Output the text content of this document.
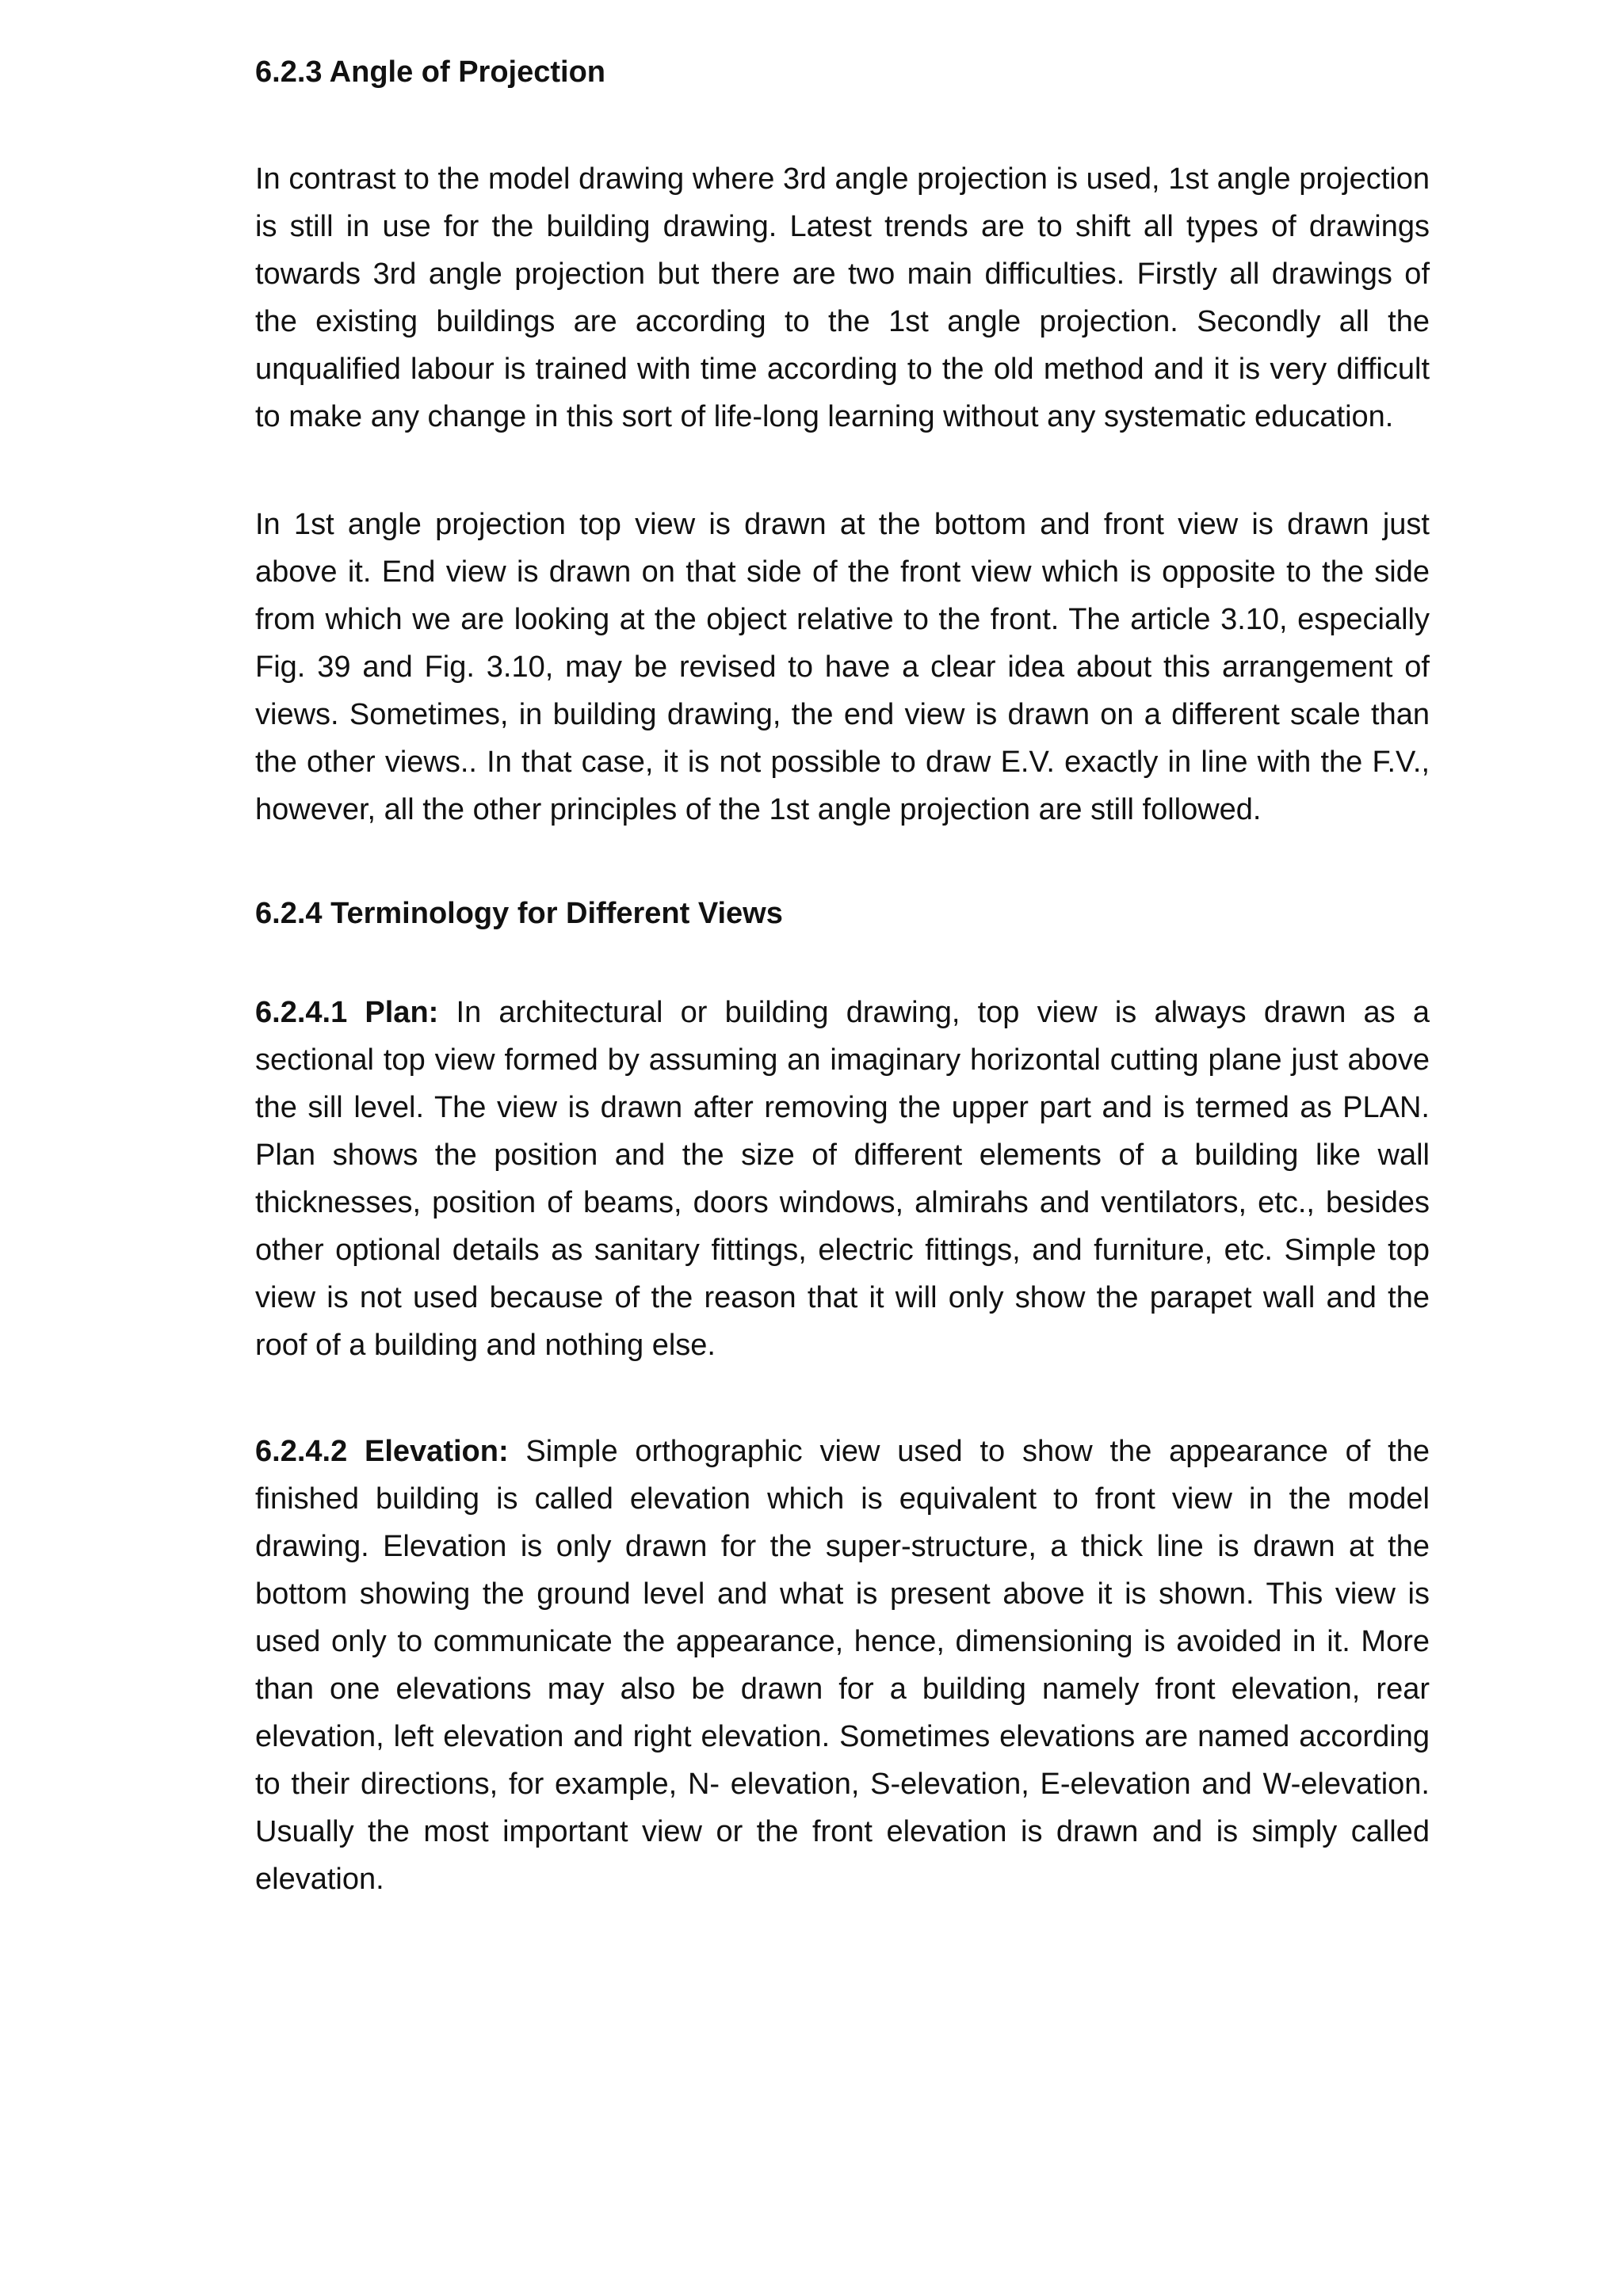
6.2.3 Angle of Projection

In contrast to the model drawing where 3rd angle projection is used, 1st angle projection is still in use for the building drawing. Latest trends are to shift all types of drawings towards 3rd angle projection but there are two main difficulties. Firstly all drawings of the existing buildings are according to the 1st angle projection. Secondly all the unqualified labour is trained with time according to the old method and it is very difficult to make any change in this sort of life-long learning without any systematic education.

In 1st angle projection top view is drawn at the bottom and front view is drawn just above it. End view is drawn on that side of the front view which is opposite to the side from which we are looking at the object relative to the front. The article 3.10, especially Fig. 39 and Fig. 3.10, may be revised to have a clear idea about this arrangement of views. Sometimes, in building drawing, the end view is drawn on a different scale than the other views.. In that case, it is not possible to draw E.V. exactly in line with the F.V., however, all the other principles of the 1st angle projection are still followed.

6.2.4 Terminology for Different Views

6.2.4.1 Plan: In architectural or building drawing, top view is always drawn as a sectional top view formed by assuming an imaginary horizontal cutting plane just above the sill level. The view is drawn after removing the upper part and is termed as PLAN. Plan shows the position and the size of different elements of a building like wall thicknesses, position of beams, doors windows, almirahs and ventilators, etc., besides other optional details as sanitary fittings, electric fittings, and furniture, etc. Simple top view is not used because of the reason that it will only show the parapet wall and the roof of a building and nothing else.

6.2.4.2 Elevation: Simple orthographic view used to show the appearance of the finished building is called elevation which is equivalent to front view in the model drawing. Elevation is only drawn for the super-structure, a thick line is drawn at the bottom showing the ground level and what is present above it is shown. This view is used only to communicate the appearance, hence, dimensioning is avoided in it. More than one elevations may also be drawn for a building namely front elevation, rear elevation, left elevation and right elevation. Sometimes elevations are named according to their directions, for example, N- elevation, S-elevation, E-elevation and W-elevation. Usually the most important view or the front elevation is drawn and is simply called elevation.
